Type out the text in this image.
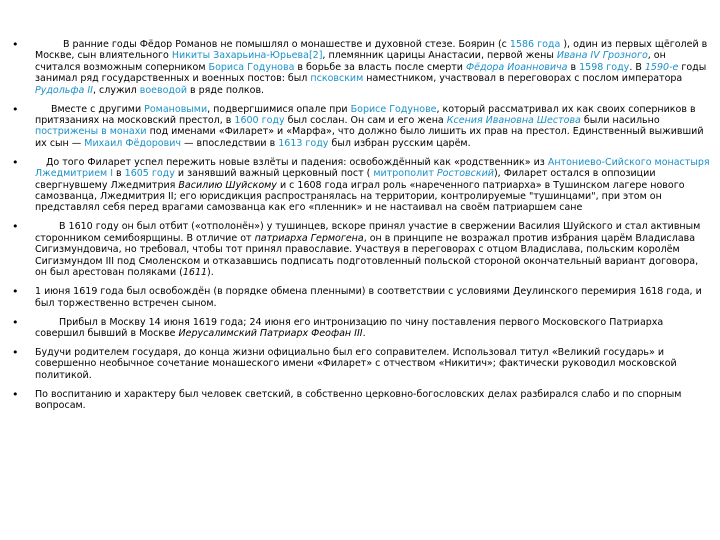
• В ранние годы Фёдор Романов не помышлял о монашестве и духовной стезе. Боярин (с 1586 года ), один из первых щёголей в Москве, сын влиятельного Никиты Захарьина-Юрьева[2], племянник царицы Анастасии, первой жены Ивана IV Грозного, он считался возможным соперником Бориса Годунова в борьбе за власть после смерти Фёдора Иоанновича в 1598 году. В 1590-е годы занимал ряд государственных и военных постов: был псковским наместником, участвовал в переговорах с послом императора Рудольфа II, служил воеводой в ряде полков.
• Вместе с другими Романовыми, подвергшимися опале при Борисе Годунове, который рассматривал их как своих соперников в притязаниях на московский престол, в 1600 году был сослан. Он сам и его жена Ксения Ивановна Шестова были насильно пострижены в монахи под именами «Филарет» и «Марфа», что должно было лишить их прав на престол. Единственный выживший их сын — Михаил Фёдорович — впоследствии в 1613 году был избран русским царём.
• До того Филарет успел пережить новые взлёты и падения: освобождённый как «родственник» из Антониево-Сийского монастыря Лжедмитрием I в 1605 году и занявший важный церковный пост ( митрополит Ростовский), Филарет остался в оппозиции свергнувшему Лжедмитрия Василию Шуйскому и с 1608 года играл роль «нареченного патриарха» в Тушинском лагере нового самозванца, Лжедмитрия II; его юрисдикция распространялась на территории, контролируемые "тушинцами", при этом он представлял себя перед врагами самозванца как его «пленник» и не настаивал на своём патриаршем сане
• В 1610 году он был отбит («отполонён») у тушинцев, вскоре принял участие в свержении Василия Шуйского и стал активным сторонником семибоярщины. В отличие от патриарха Гермогена, он в принципе не возражал против избрания царём Владислава Сигизмундовича, но требовал, чтобы тот принял православие. Участвуя в переговорах с отцом Владислава, польским королём Сигизмундом III под Смоленском и отказавшись подписать подготовленный польской стороной окончательный вариант договора, он был арестован поляками (1611).
• 1 июня 1619 года был освобождён (в порядке обмена пленными) в соответствии с условиями Деулинского перемирия 1618 года, и был торжественно встречен сыном.
• Прибыл в Москву 14 июня 1619 года; 24 июня его интронизацию по чину поставления первого Московского Патриарха совершил бывший в Москве Иерусалимский Патриарх Феофан III.
• Будучи родителем государя, до конца жизни официально был его соправителем. Использовал титул «Великий государь» и совершенно необычное сочетание монашеского имени «Филарет» с отчеством «Никитич»; фактически руководил московской политикой.
• По воспитанию и характеру был человек светский, в собственно церковно-богословских делах разбирался слабо и по спорным вопросам.
